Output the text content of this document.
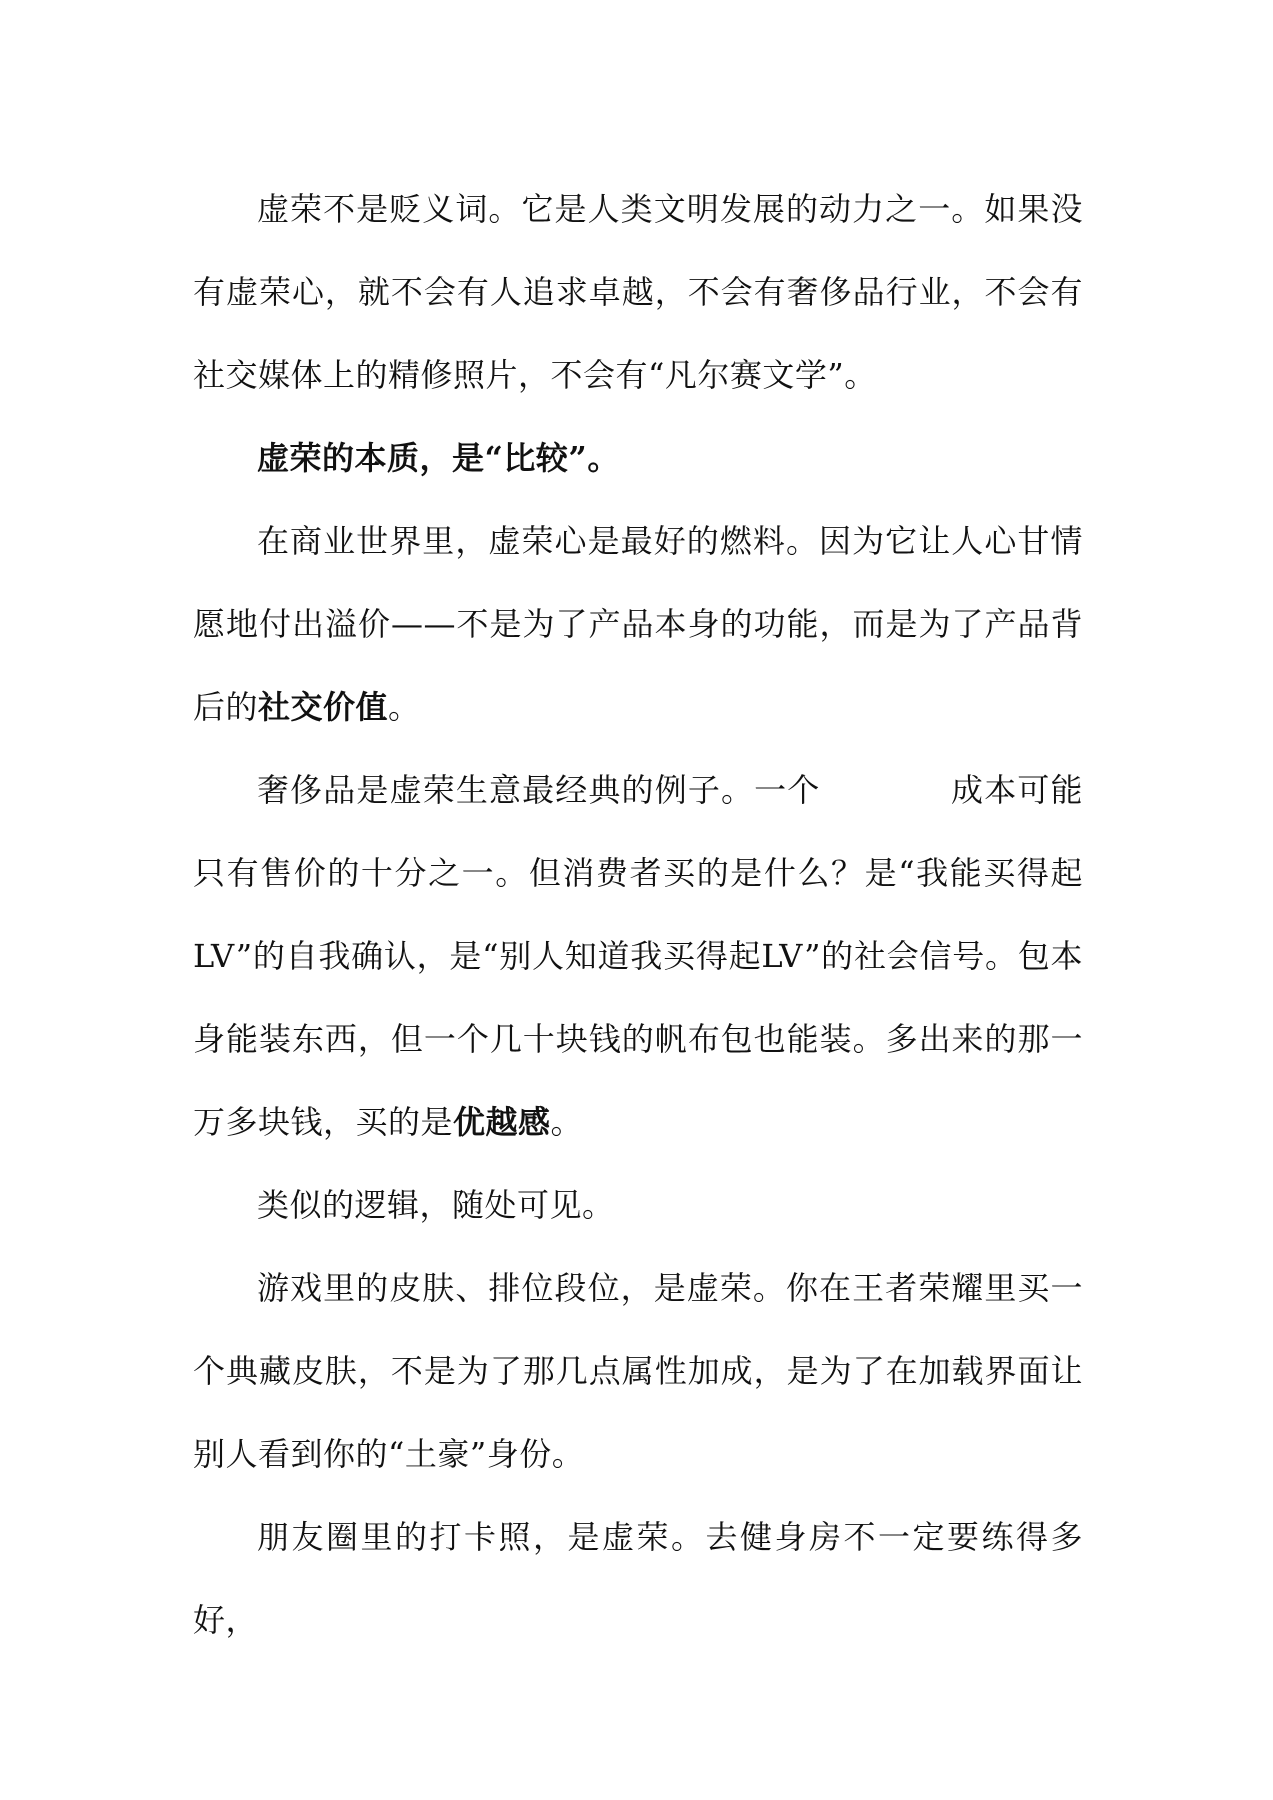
虚荣不是贬义词。它是人类文明发展的动力之一。如果没有虚荣心，就不会有人追求卓越，不会有奢侈品行业，不会有社交媒体上的精修照片，不会有“凡尔赛文学”。

虚荣的本质，是“比较”。

在商业世界里，虚荣心是最好的燃料。因为它让人心甘情愿地付出溢价——不是为了产品本身的功能，而是为了产品背后的社交价值。

奢侈品是虚荣生意最经典的例子。一个	成本可能只有售价的十分之一。但消费者买的是什么？是“我能买得起LV”的自我确认，是“别人知道我买得起LV”的社会信号。包本身能装东西，但一个几十块钱的帆布包也能装。多出来的那一万多块钱，买的是优越感。

类似的逻辑，随处可见。

游戏里的皮肤、排位段位，是虚荣。你在王者荣耀里买一个典藏皮肤，不是为了那几点属性加成，是为了在加载界面让别人看到你的“土豪”身份。

朋友圈里的打卡照，是虚荣。去健身房不一定要练得多好，
